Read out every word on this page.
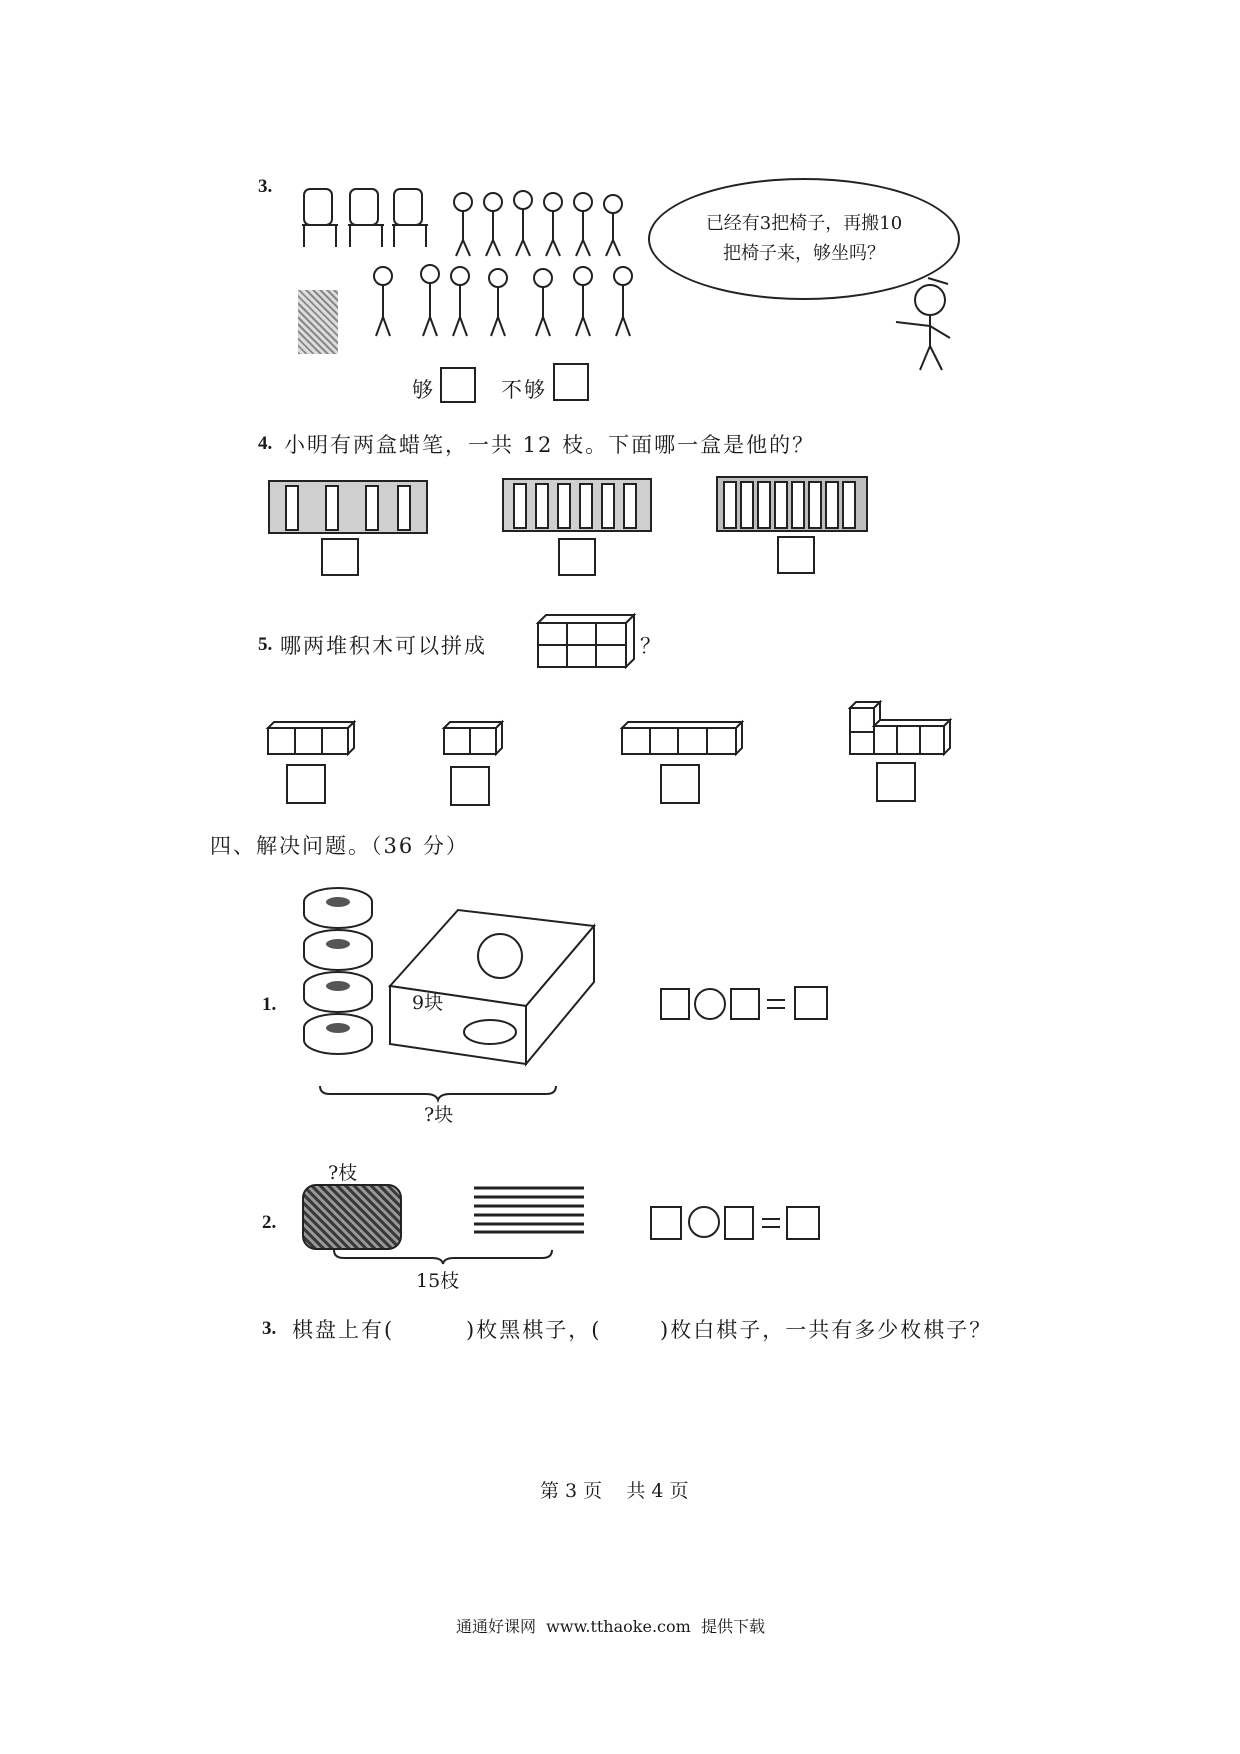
3.
已经有3把椅子，再搬10
把椅子来，够坐吗？
够	不够
4. 小明有两盒蜡笔，一共 12 枝。下面哪一盒是他的？
5. 哪两堆积木可以拼成	？
四、解决问题。（36 分）
9块
1.
?块
?枝
2.
15枝
3. 棋盘上有(	)枚黑棋子，(	)枚白棋子，一共有多少枚棋子？
第 3 页    共 4 页
通通好课网  www.tthaoke.com  提供下载
